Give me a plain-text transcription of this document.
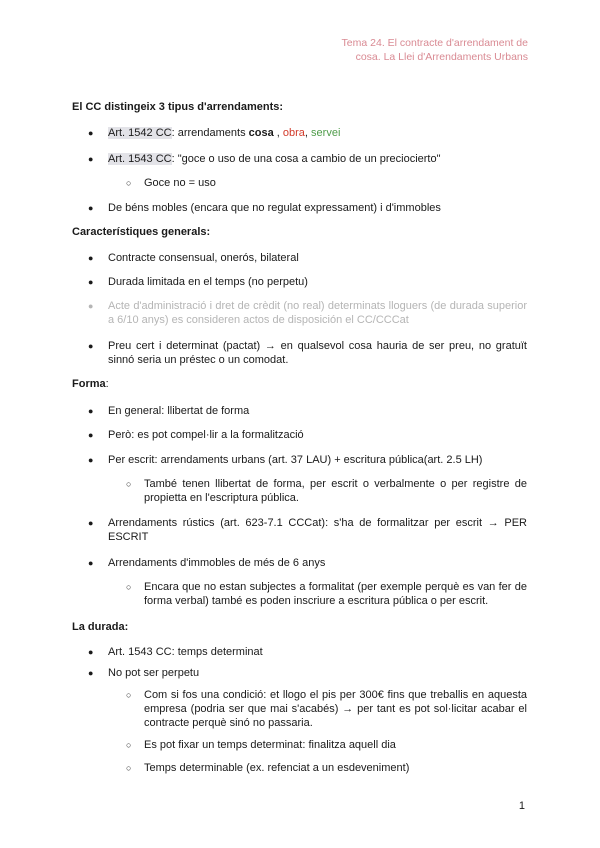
Tema 24. El contracte d'arrendament de
cosa. La Llei d'Arrendaments Urbans
El CC distingeix 3 tipus d'arrendaments:
● Art. 1542 CC: arrendaments cosa , obra, servei
● Art. 1543 CC: "goce o uso de una cosa a cambio de un preciocierto"
○ Goce no = uso
● De béns mobles (encara que no regulat expressament) i d'immobles
Característiques generals:
● Contracte consensual, onerós, bilateral
● Durada limitada en el temps (no perpetu)
● Acte d'administració i dret de crèdit (no real) determinats lloguers (de durada superior a 6/10 anys) es consideren actos de disposición el CC/CCCat
● Preu cert i determinat (pactat) → en qualsevol cosa hauria de ser preu, no gratuït sinnó seria un préstec o un comodat.
Forma:
● En general: llibertat de forma
● Però: es pot compel·lir a la formalització
● Per escrit: arrendaments urbans (art. 37 LAU) + escritura pública(art. 2.5 LH)
○ També tenen llibertat de forma, per escrit o verbalmente o per registre de propietta en l'escriptura pública.
● Arrendaments rústics (art. 623-7.1 CCCat): s'ha de formalitzar per escrit → PER ESCRIT
● Arrendaments d'immobles de més de 6 anys
○ Encara que no estan subjectes a formalitat (per exemple perquè es van fer de forma verbal) també es poden inscriure a escritura pública o per escrit.
La durada:
● Art. 1543 CC: temps determinat
● No pot ser perpetu
○ Com si fos una condició: et llogo el pis per 300€ fins que treballis en aquesta empresa (podria ser que mai s'acabés) → per tant es pot sol·licitar acabar el contracte perquè sinó no passaria.
○ Es pot fixar un temps determinat: finalitza aquell dia
○ Temps determinable (ex. refenciat a un esdeveniment)
1
